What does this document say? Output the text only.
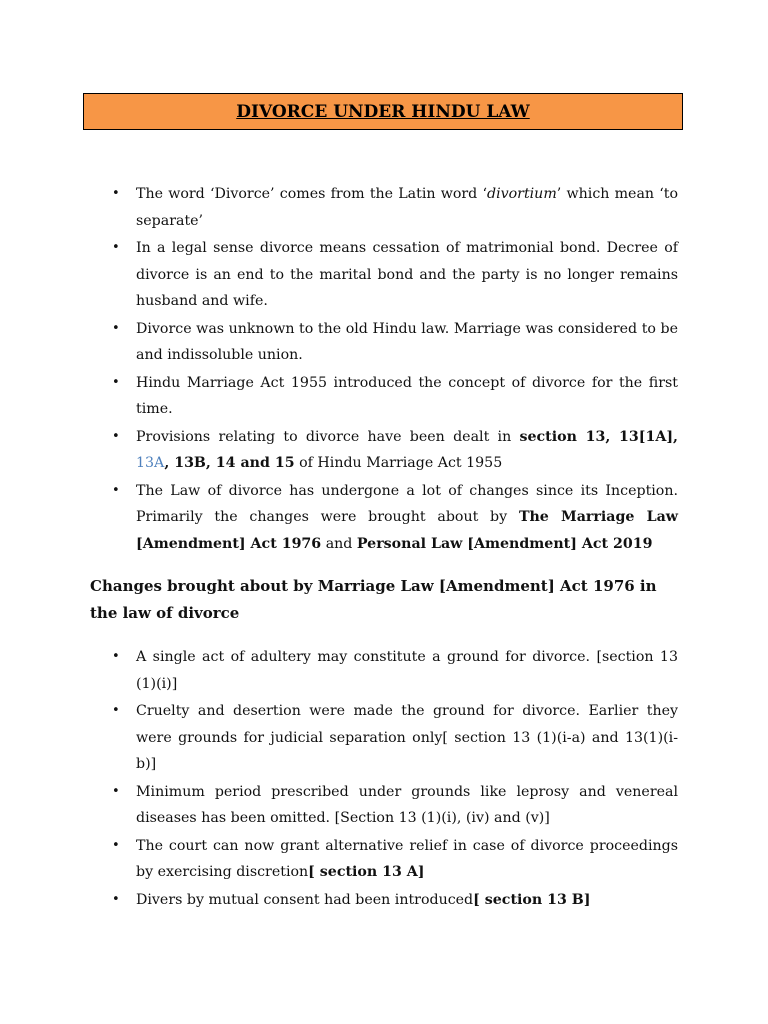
DIVORCE UNDER HINDU LAW
• The word ‘Divorce’ comes from the Latin word ‘divortium’ which mean ‘to separate’
• In a legal sense divorce means cessation of matrimonial bond. Decree of divorce is an end to the marital bond and the party is no longer remains husband and wife.
• Divorce was unknown to the old Hindu law. Marriage was considered to be and indissoluble union.
• Hindu Marriage Act 1955 introduced the concept of divorce for the first time.
• Provisions relating to divorce have been dealt in section 13, 13[1A], 13A, 13B, 14 and 15 of Hindu Marriage Act 1955
• The Law of divorce has undergone a lot of changes since its Inception. Primarily the changes were brought about by The Marriage Law [Amendment] Act 1976 and Personal Law [Amendment] Act 2019
Changes brought about by Marriage Law [Amendment] Act 1976 in the law of divorce
• A single act of adultery may constitute a ground for divorce. [section 13 (1)(i)]
• Cruelty and desertion were made the ground for divorce. Earlier they were grounds for judicial separation only[ section 13 (1)(i-a) and 13(1)(i-b)]
• Minimum period prescribed under grounds like leprosy and venereal diseases has been omitted. [Section 13 (1)(i), (iv) and (v)]
• The court can now grant alternative relief in case of divorce proceedings by exercising discretion[ section 13 A]
• Divers by mutual consent had been introduced[ section 13 B]
